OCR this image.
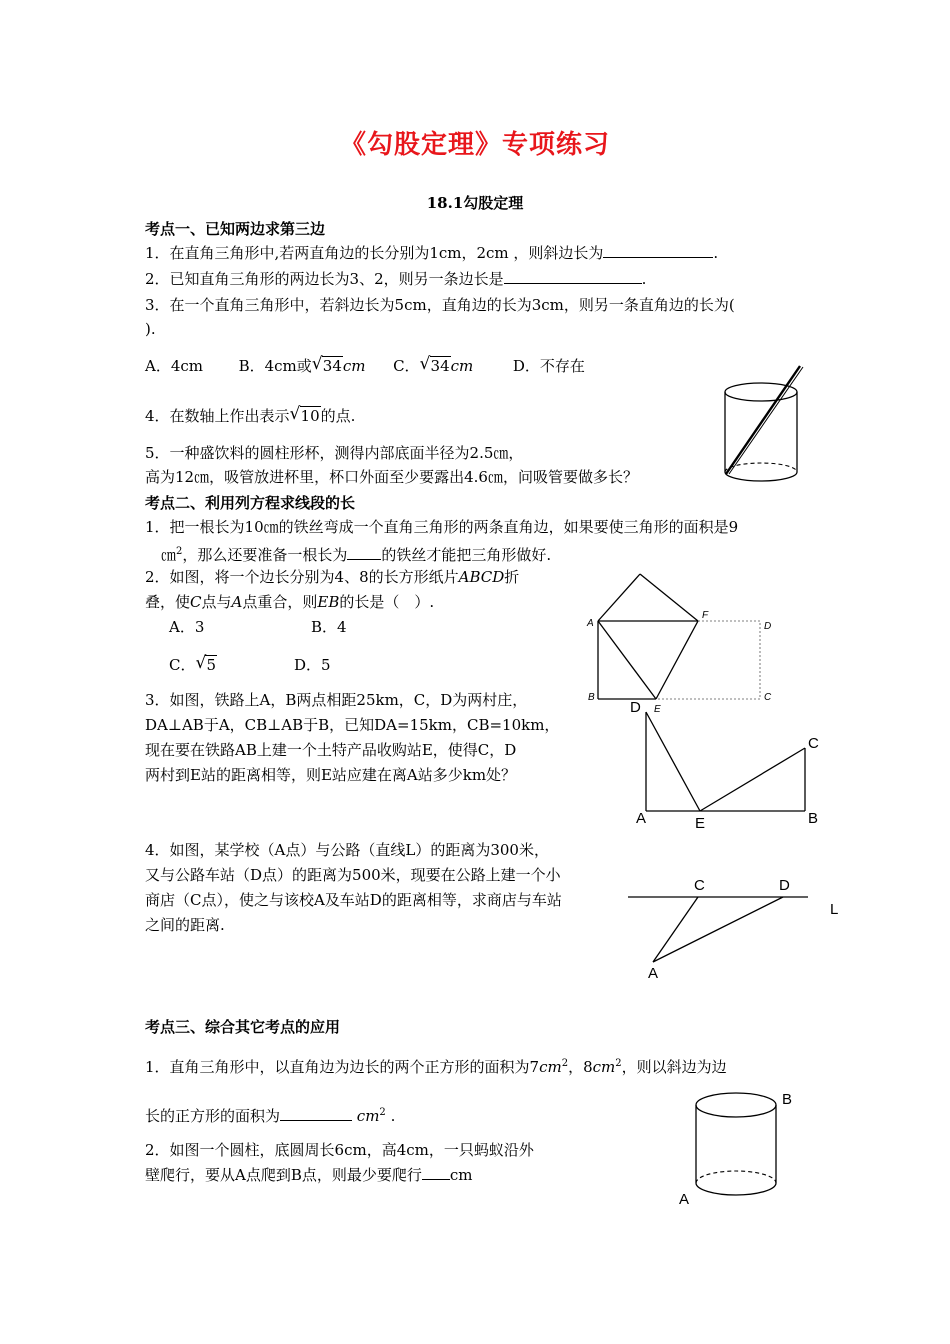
《勾股定理》专项练习
18.1勾股定理
考点一、已知两边求第三边
1．在直角三角形中,若两直角边的长分别为1cm，2cm ，则斜边长为	.
2．已知直角三角形的两边长为3、2，则另一条边长是	.
3．在一个直角三角形中，若斜边长为5cm，直角边的长为3cm，则另一条直角边的长为(
).
A．4cm B．4cm或 √ 34cm C． √ 34cm	D．不存在
4．在数轴上作出表示 √ 10的点.
5．一种盛饮料的圆柱形杯，测得内部底面半径为2.5㎝，
高为12㎝，吸管放进杯里，杯口外面至少要露出4.6㎝，问吸管要做多长？
考点二、利用列方程求线段的长
1．把一根长为10㎝的铁丝弯成一个直角三角形的两条直角边，如果要使三角形的面积是9
㎝$^2$，那么还要准备一根长为 的铁丝才能把三角形做好.
2．如图，将一个边长分别为4、8的长方形纸片ABCD折
叠，使C点与A点重合，则EB的长是（　）.
A．3	B．4
C． √ 5	D．5
3．如图，铁路上A，B两点相距25km，C，D为两村庄，
DA⊥AB于A，CB⊥AB于B，已知DA=15km，CB=10km，
现在要在铁路AB上建一个土特产品收购站E，使得C，D
两村到E站的距离相等，则E站应建在离A站多少km处？
4．如图，某学校（A点）与公路（直线L）的距离为300米，
又与公路车站（D点）的距离为500米，现要在公路上建一个小
商店（C点），使之与该校A及车站D的距离相等，求商店与车站
之间的距离.
A
B	C
D
E
F
D
C
A	E	B
C	D
L
A
考点三、综合其它考点的应用
1．直角三角形中，以直角边为边长的两个正方形的面积为$7cm^2$，$8cm^2$，则以斜边为边
长的正方形的面积为	$cm^2$ .
2．如图一个圆柱，底圆周长6cm，高4cm，一只蚂蚁沿外
壁爬行，要从A点爬到B点，则最少要爬行 cm
B
A
